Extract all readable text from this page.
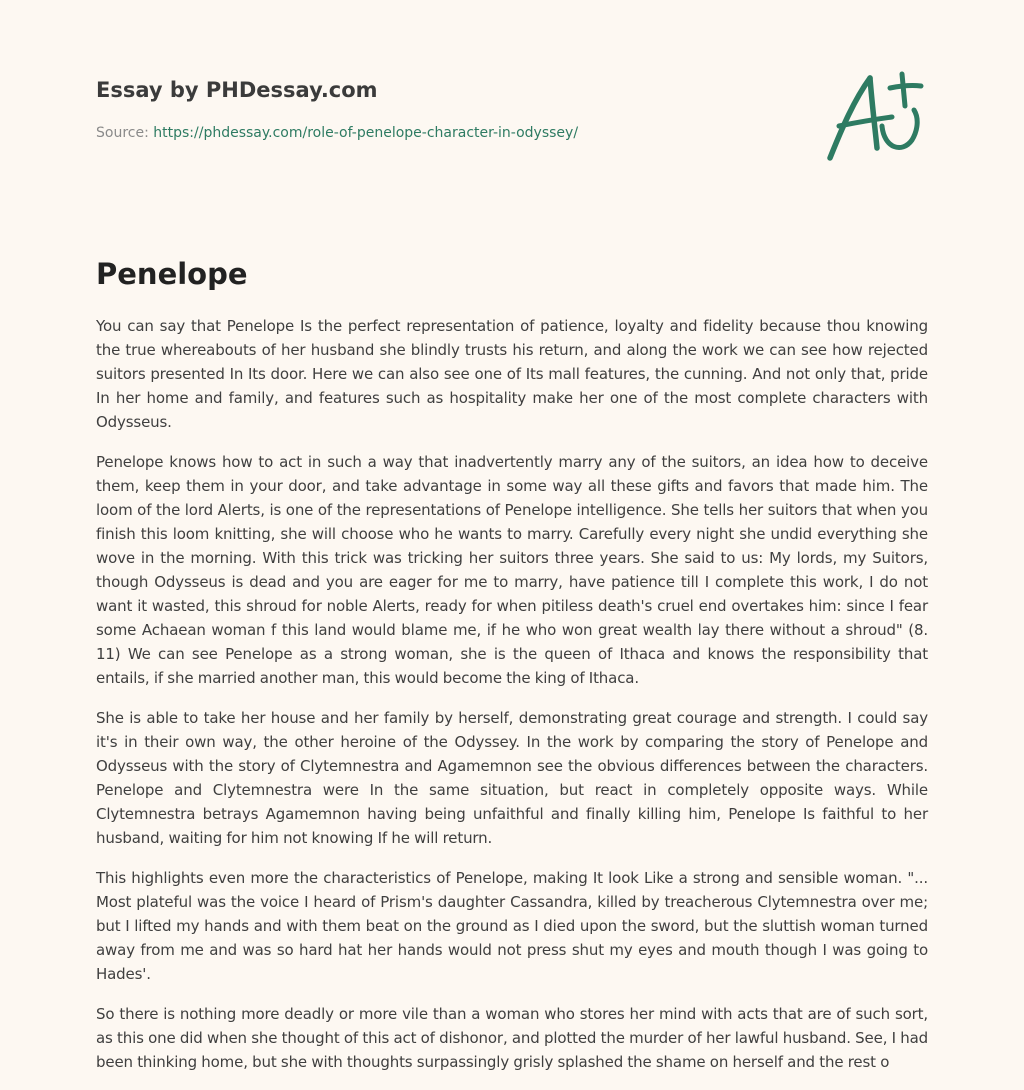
Essay by PHDessay.com
Source: https://phdessay.com/role-of-penelope-character-in-odyssey/
Penelope

You can say that Penelope Is the perfect representation of patience, loyalty and fidelity because thou knowing the true whereabouts of her husband she blindly trusts his return, and along the work we can see how rejected suitors presented In Its door. Here we can also see one of Its mall features, the cunning. And not only that, pride In her home and family, and features such as hospitality make her one of the most complete characters with Odysseus.

Penelope knows how to act in such a way that inadvertently marry any of the suitors, an idea how to deceive them, keep them in your door, and take advantage in some way all these gifts and favors that made him. The loom of the lord Alerts, is one of the representations of Penelope intelligence. She tells her suitors that when you finish this loom knitting, she will choose who he wants to marry. Carefully every night she undid everything she wove in the morning. With this trick was tricking her suitors three years. She said to us: My lords, my Suitors, though Odysseus is dead and you are eager for me to marry, have patience till I complete this work, I do not want it wasted, this shroud for noble Alerts, ready for when pitiless death's cruel end overtakes him: since I fear some Achaean woman f this land would blame me, if he who won great wealth lay there without a shroud" (8. 11) We can see Penelope as a strong woman, she is the queen of Ithaca and knows the responsibility that entails, if she married another man, this would become the king of Ithaca.

She is able to take her house and her family by herself, demonstrating great courage and strength. I could say it's in their own way, the other heroine of the Odyssey. In the work by comparing the story of Penelope and Odysseus with the story of Clytemnestra and Agamemnon see the obvious differences between the characters. Penelope and Clytemnestra were In the same situation, but react in completely opposite ways. While Clytemnestra betrays Agamemnon having being unfaithful and finally killing him, Penelope Is faithful to her husband, waiting for him not knowing If he will return.

This highlights even more the characteristics of Penelope, making It look Like a strong and sensible woman. "... Most plateful was the voice I heard of Prism's daughter Cassandra, killed by treacherous Clytemnestra over me; but I lifted my hands and with them beat on the ground as I died upon the sword, but the sluttish woman turned away from me and was so hard hat her hands would not press shut my eyes and mouth though I was going to Hades'.

So there is nothing more deadly or more vile than a woman who stores her mind with acts that are of such sort, as this one did when she thought of this act of dishonor, and plotted the murder of her lawful husband. See, I had been thinking home, but she with thoughts surpassingly grisly splashed the shame on herself and the rest o
